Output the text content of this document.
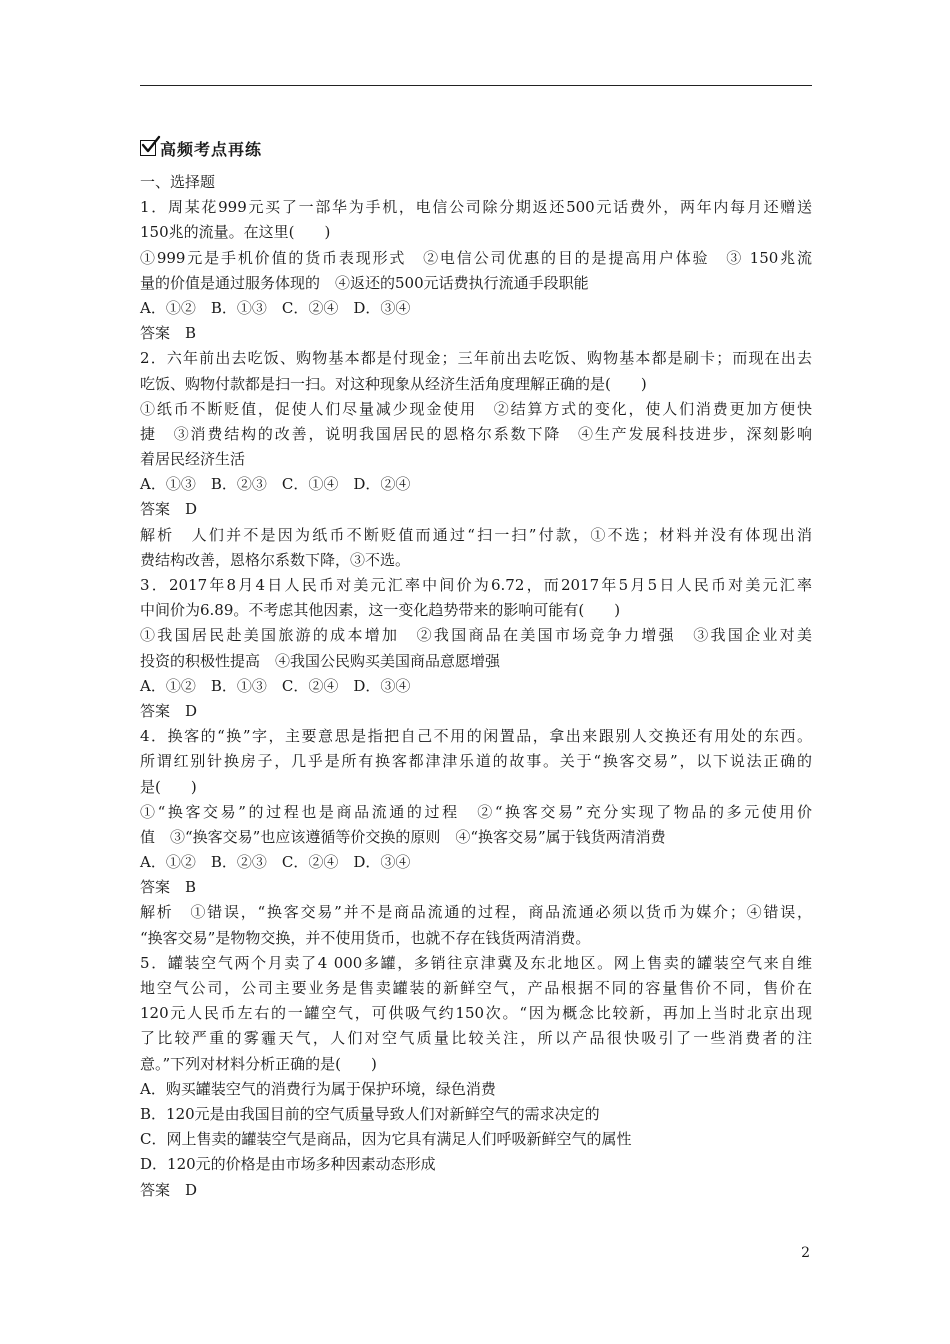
高频考点再练
一、选择题
1．周某花999元买了一部华为手机，电信公司除分期返还500元话费外，两年内每月还赠送
150兆的流量。在这里(　　)
①999元是手机价值的货币表现形式　②电信公司优惠的目的是提高用户体验　③ 150兆流
量的价值是通过服务体现的　④返还的500元话费执行流通手段职能
A．①②　B．①③　C．②④　D．③④
答案　B
2．六年前出去吃饭、购物基本都是付现金；三年前出去吃饭、购物基本都是刷卡；而现在出去
吃饭、购物付款都是扫一扫。对这种现象从经济生活角度理解正确的是(　　)
①纸币不断贬值，促使人们尽量减少现金使用　②结算方式的变化，使人们消费更加方便快
捷　③消费结构的改善，说明我国居民的恩格尔系数下降　④生产发展科技进步，深刻影响
着居民经济生活
A．①③　B．②③　C．①④　D．②④
答案　D
解析　人们并不是因为纸币不断贬值而通过“扫一扫”付款，①不选；材料并没有体现出消
费结构改善，恩格尔系数下降，③不选。
3．2017年8月4日人民币对美元汇率中间价为6.72，而2017年5月5日人民币对美元汇率
中间价为6.89。不考虑其他因素，这一变化趋势带来的影响可能有(　　)
①我国居民赴美国旅游的成本增加　②我国商品在美国市场竞争力增强　③我国企业对美
投资的积极性提高　④我国公民购买美国商品意愿增强
A．①②　B．①③　C．②④　D．③④
答案　D
4．换客的“换”字，主要意思是指把自己不用的闲置品，拿出来跟别人交换还有用处的东西。
所谓红别针换房子，几乎是所有换客都津津乐道的故事。关于“换客交易”，以下说法正确的
是(　　)
①“换客交易”的过程也是商品流通的过程　②“换客交易”充分实现了物品的多元使用价
值　③“换客交易”也应该遵循等价交换的原则　④“换客交易”属于钱货两清消费
A．①②　B．②③　C．②④　D．③④
答案　B
解析　①错误，“换客交易”并不是商品流通的过程，商品流通必须以货币为媒介；④错误，
“换客交易”是物物交换，并不使用货币，也就不存在钱货两清消费。
5．罐装空气两个月卖了4 000多罐，多销往京津冀及东北地区。网上售卖的罐装空气来自维
地空气公司，公司主要业务是售卖罐装的新鲜空气，产品根据不同的容量售价不同，售价在
120元人民币左右的一罐空气，可供吸气约150次。“因为概念比较新，再加上当时北京出现
了比较严重的雾霾天气，人们对空气质量比较关注，所以产品很快吸引了一些消费者的注
意。”下列对材料分析正确的是(　　)
A．购买罐装空气的消费行为属于保护环境，绿色消费
B．120元是由我国目前的空气质量导致人们对新鲜空气的需求决定的
C．网上售卖的罐装空气是商品，因为它具有满足人们呼吸新鲜空气的属性
D．120元的价格是由市场多种因素动态形成
答案　D
2
